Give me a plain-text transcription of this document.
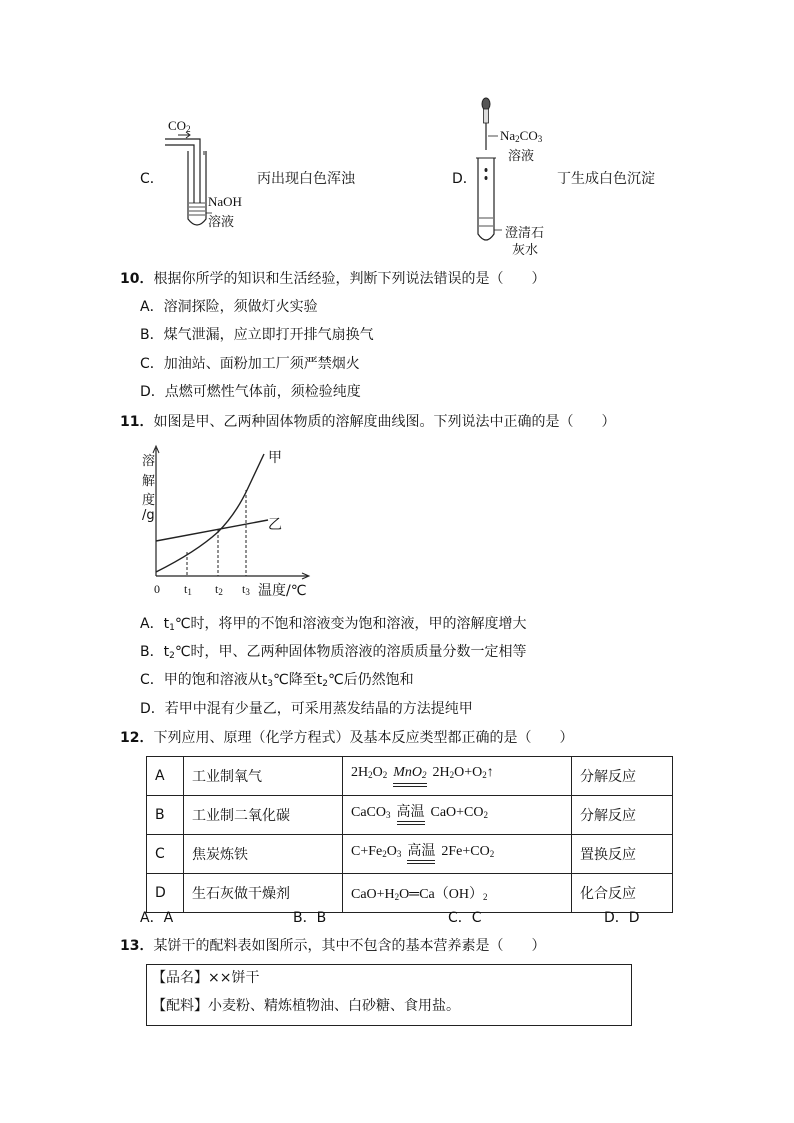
C．
$CO_2$
NaOH
溶液
丙出现白色浑浊	D．
$Na_2CO_3$
溶液
澄清石
灰水
丁生成白色沉淀
10．根据你所学的知识和生活经验，判断下列说法错误的是（　　）
A．溶洞探险，须做灯火实验
B．煤气泄漏，应立即打开排气扇换气
C．加油站、面粉加工厂须严禁烟火
D．点燃可燃性气体前，须检验纯度
11．如图是甲、乙两种固体物质的溶解度曲线图。下列说法中正确的是（　　）
溶
解
度
/g
甲
乙
0 $t_1$ $t_2$ $t_3$ 温度/℃
A．$t_1℃$时，将甲的不饱和溶液变为饱和溶液，甲的溶解度增大
B．$t_2℃$时，甲、乙两种固体物质溶液的溶质质量分数一定相等
C．甲的饱和溶液从$t_3℃$降至$t_2℃$后仍然饱和
D．若甲中混有少量乙，可采用蒸发结晶的方法提纯甲
12．下列应用、原理（化学方程式）及基本反应类型都正确的是（　　）
A	工业制氧气	$2H_2O_2$ MnO$_2$ $2H_2O+O_2↑$	分解反应
B	工业制二氧化碳	CaCO$_3$ 高温 $CaO+CO_2$	分解反应
C	焦炭炼铁	$C+Fe_2O_3$ 高温 $2Fe+CO_2$	置换反应
D	生石灰做干燥剂	$CaO+H_2O═Ca(OH)_2$	化合反应
A．A	B．B	C．C	D．D
13．某饼干的配料表如图所示，其中不包含的基本营养素是（　　）
【品名】××饼干
【配料】小麦粉、精炼植物油、白砂糖、食用盐。
